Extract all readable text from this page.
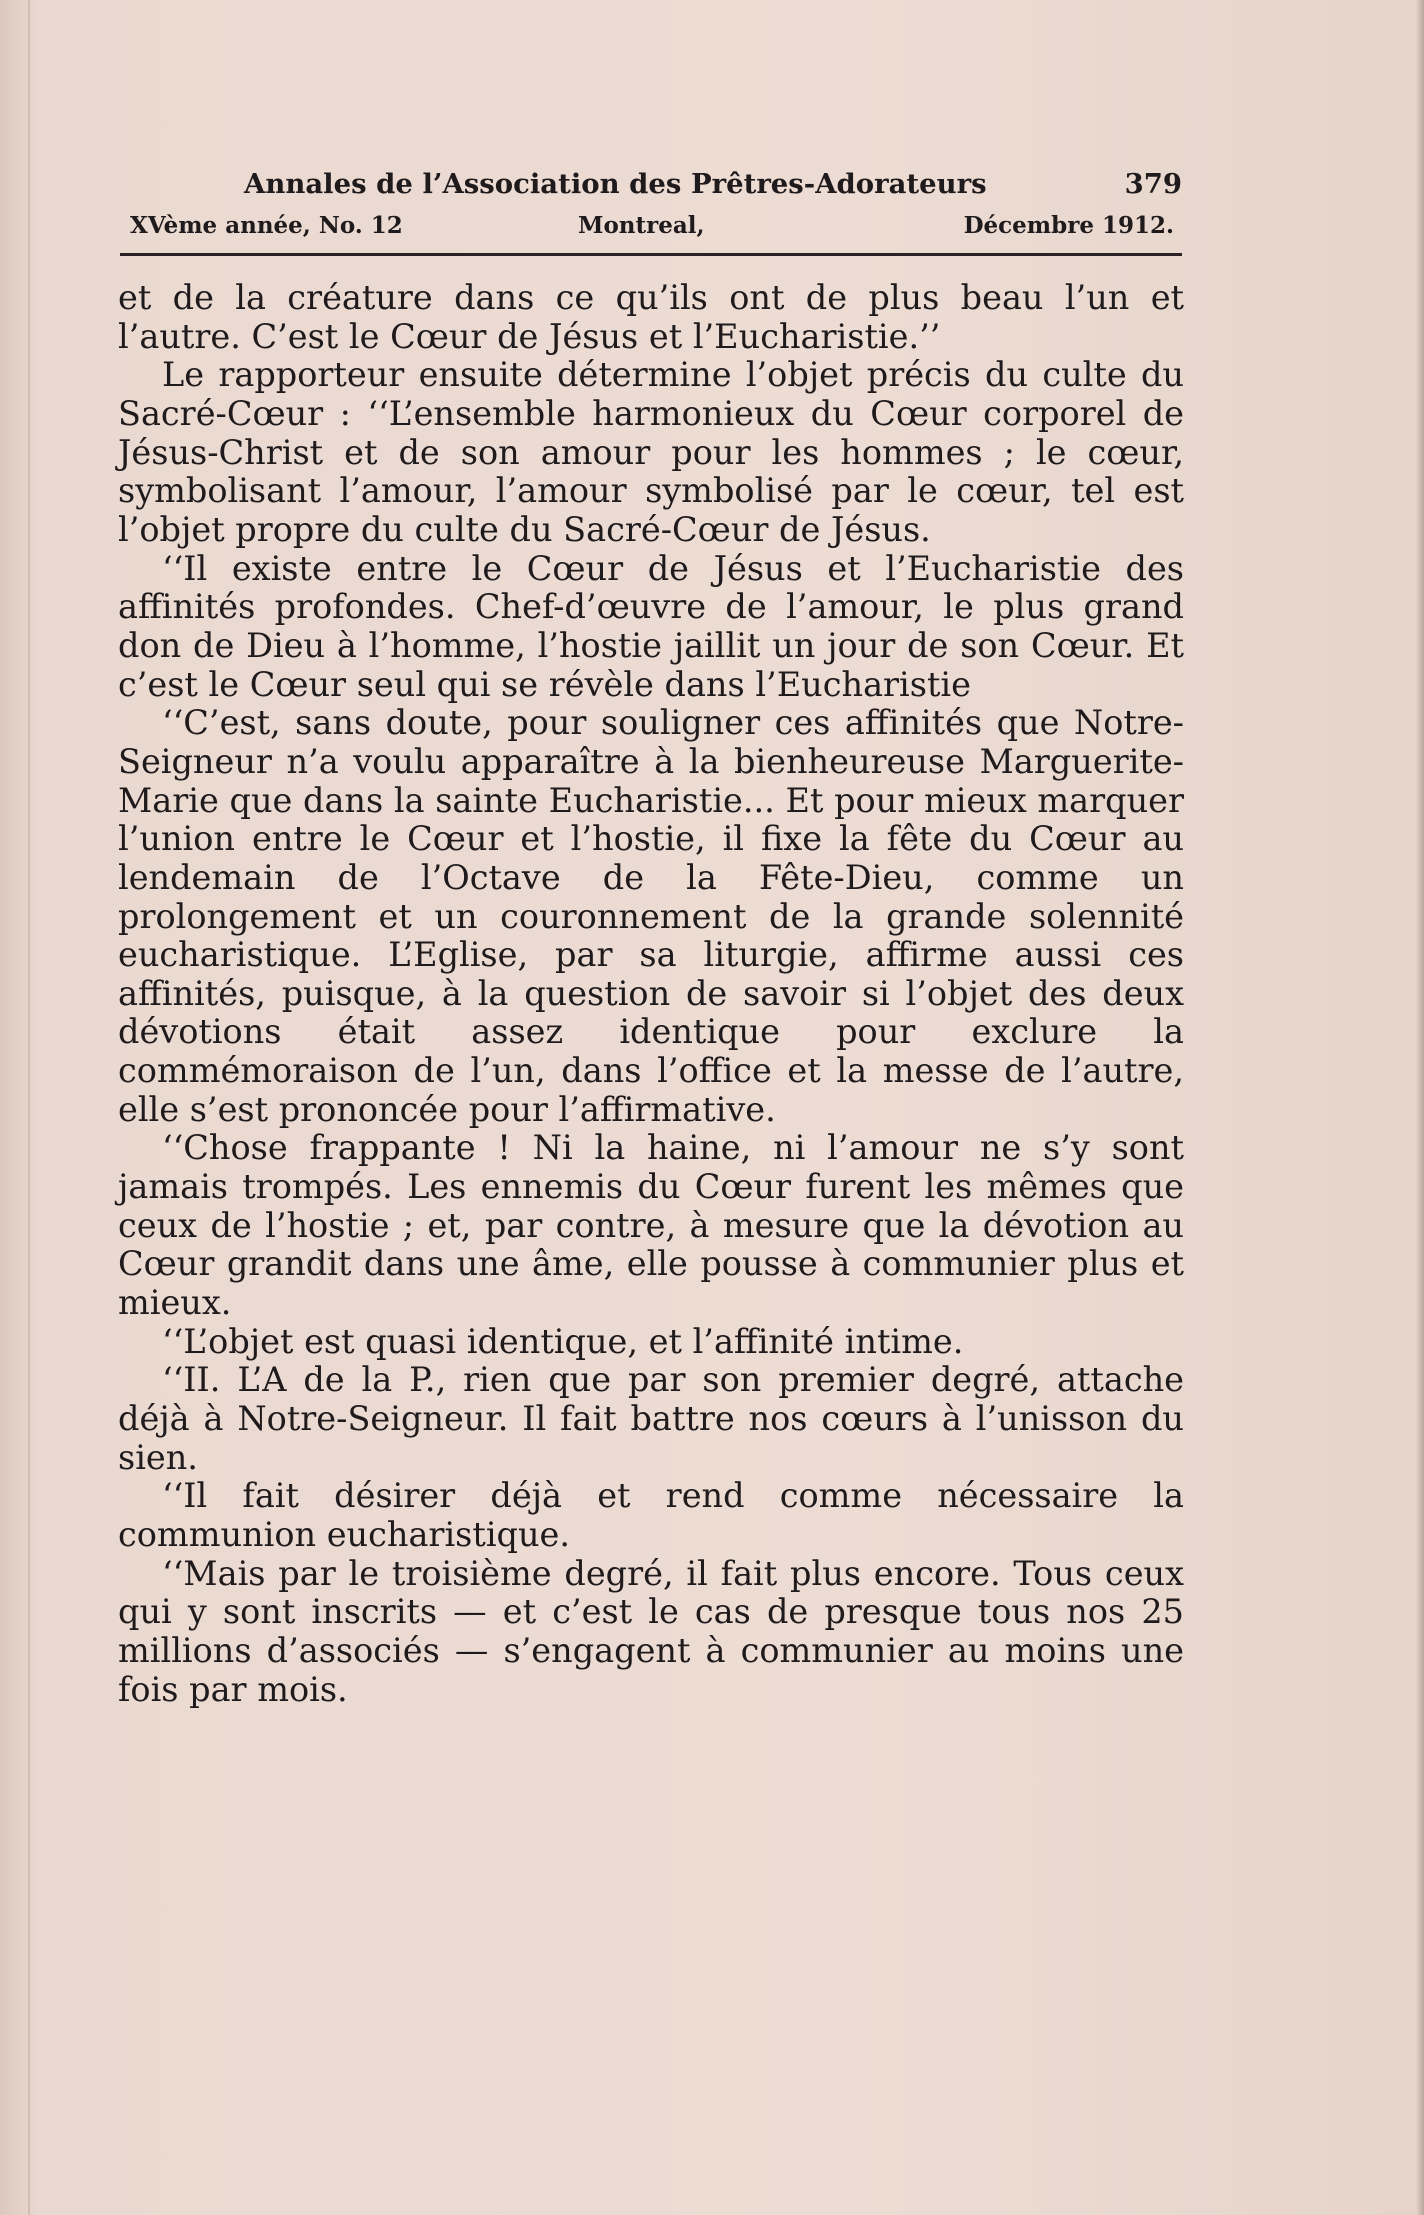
Annales de l’Association des Prêtres-Adorateurs	379
XVème année, No. 12	Montreal,	Décembre 1912.

et de la créature dans ce qu’ils ont de plus beau l’un et l’autre. C’est le Cœur de Jésus et l’Eucharistie.’’

Le rapporteur ensuite détermine l’objet précis du culte du Sacré-Cœur : ‘‘L’ensemble harmonieux du Cœur corporel de Jésus-Christ et de son amour pour les hommes ; le cœur, symbolisant l’amour, l’amour symbolisé par le cœur, tel est l’objet propre du culte du Sacré-Cœur de Jésus.

‘‘Il existe entre le Cœur de Jésus et l’Eucharistie des affinités profondes. Chef-d’œuvre de l’amour, le plus grand don de Dieu à l’homme, l’hostie jaillit un jour de son Cœur. Et c’est le Cœur seul qui se révèle dans l’Eucharistie

‘‘C’est, sans doute, pour souligner ces affinités que Notre-Seigneur n’a voulu apparaître à la bienheureuse Marguerite-Marie que dans la sainte Eucharistie... Et pour mieux marquer l’union entre le Cœur et l’hostie, il fixe la fête du Cœur au lendemain de l’Octave de la Fête-Dieu, comme un prolongement et un couronnement de la grande solennité eucharistique. L’Eglise, par sa liturgie, affirme aussi ces affinités, puisque, à la question de savoir si l’objet des deux dévotions était assez identique pour exclure la commémoraison de l’un, dans l’office et la messe de l’autre, elle s’est prononcée pour l’affirmative.

‘‘Chose frappante ! Ni la haine, ni l’amour ne s’y sont jamais trompés. Les ennemis du Cœur furent les mêmes que ceux de l’hostie ; et, par contre, à mesure que la dévotion au Cœur grandit dans une âme, elle pousse à communier plus et mieux.

‘‘L’objet est quasi identique, et l’affinité intime.

‘‘II. L’A de la P., rien que par son premier degré, attache déjà à Notre-Seigneur. Il fait battre nos cœurs à l’unisson du sien.

‘‘Il fait désirer déjà et rend comme nécessaire la communion eucharistique.

‘‘Mais par le troisième degré, il fait plus encore. Tous ceux qui y sont inscrits — et c’est le cas de presque tous nos 25 millions d’associés — s’engagent à communier au moins une fois par mois.
